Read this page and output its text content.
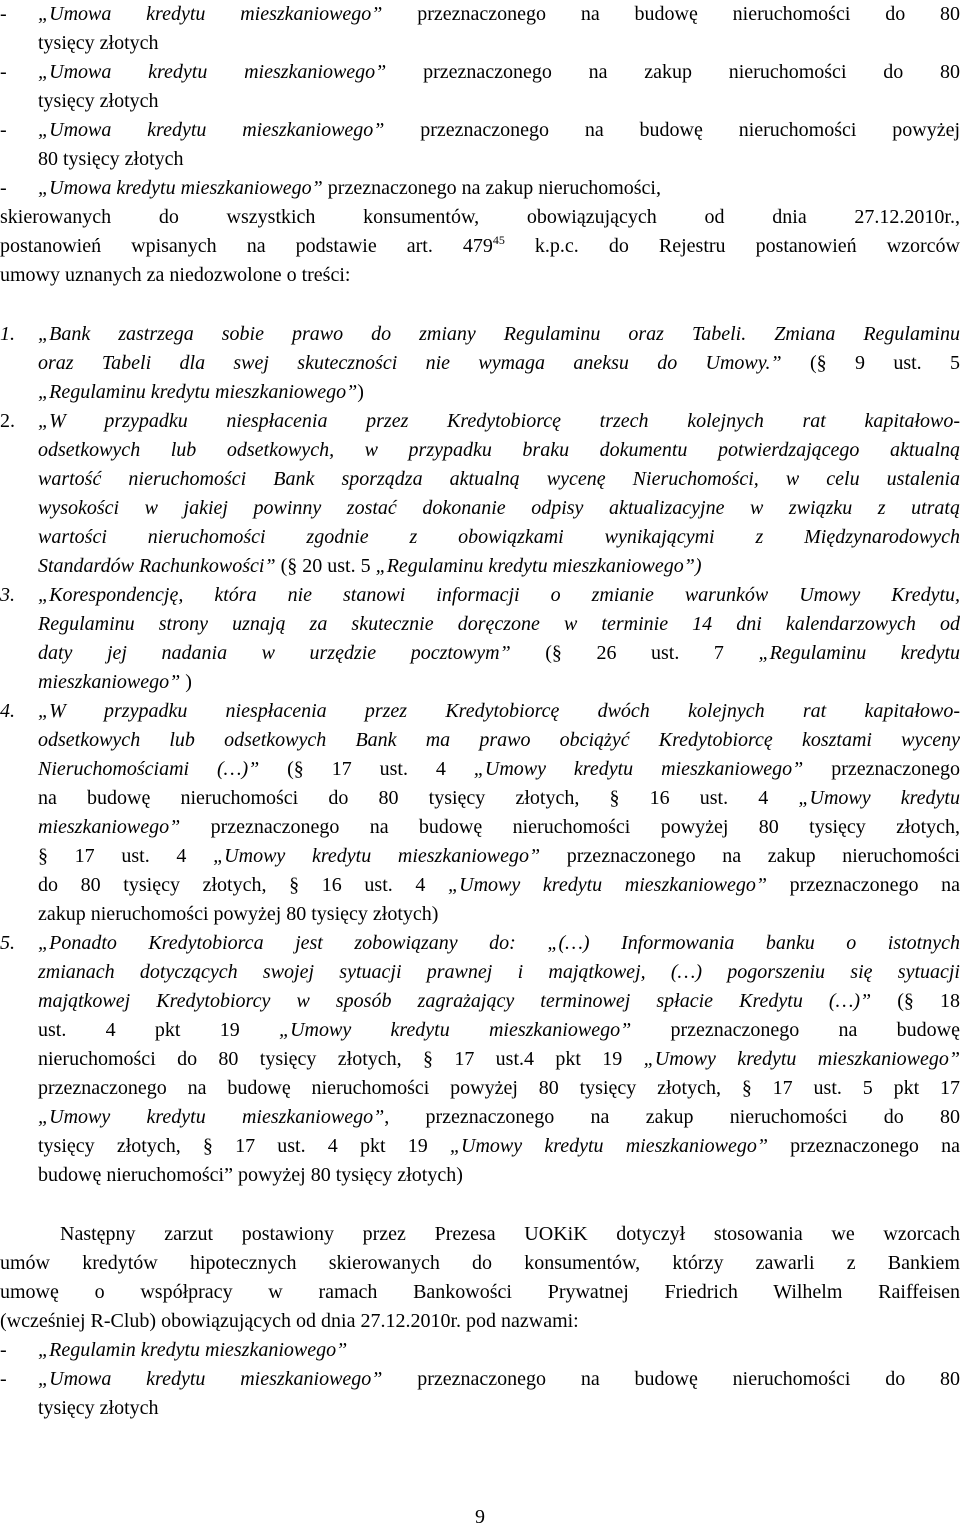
- „Umowa kredytu mieszkaniowego” przeznaczonego na budowę nieruchomości do 80
tysięcy złotych
- „Umowa kredytu mieszkaniowego” przeznaczonego na zakup nieruchomości do 80
tysięcy złotych
- „Umowa kredytu mieszkaniowego” przeznaczonego na budowę nieruchomości powyżej
80 tysięcy złotych
- „Umowa kredytu mieszkaniowego” przeznaczonego na zakup nieruchomości,
skierowanych do wszystkich konsumentów, obowiązujących od dnia 27.12.2010r.,
postanowień wpisanych na podstawie art. $479^{45}$ k.p.c. do Rejestru postanowień wzorców
umowy uznanych za niedozwolone o treści:
1. „Bank zastrzega sobie prawo do zmiany Regulaminu oraz Tabeli. Zmiana Regulaminu
oraz Tabeli dla swej skuteczności nie wymaga aneksu do Umowy.” (§ 9 ust. 5
„Regulaminu kredytu mieszkaniowego”)
2. „W przypadku niespłacenia przez Kredytobiorcę trzech kolejnych rat kapitałowo-
odsetkowych lub odsetkowych, w przypadku braku dokumentu potwierdzającego aktualną
wartość nieruchomości Bank sporządza aktualną wycenę Nieruchomości, w celu ustalenia
wysokości w jakiej powinny zostać dokonanie odpisy aktualizacyjne w związku z utratą
wartości nieruchomości zgodnie z obowiązkami wynikającymi z Międzynarodowych
Standardów Rachunkowości” (§ 20 ust. 5 „Regulaminu kredytu mieszkaniowego”)
3. „Korespondencję, która nie stanowi informacji o zmianie warunków Umowy Kredytu,
Regulaminu strony uznają za skutecznie doręczone w terminie 14 dni kalendarzowych od
daty jej nadania w urzędzie pocztowym” (§ 26 ust. 7 „Regulaminu kredytu
mieszkaniowego” )
4. „W przypadku niespłacenia przez Kredytobiorcę dwóch kolejnych rat kapitałowo-
odsetkowych lub odsetkowych Bank ma prawo obciążyć Kredytobiorcę kosztami wyceny
Nieruchomościami (…)” (§ 17 ust. 4 „Umowy kredytu mieszkaniowego” przeznaczonego
na budowę nieruchomości do 80 tysięcy złotych, § 16 ust. 4 „Umowy kredytu
mieszkaniowego” przeznaczonego na budowę nieruchomości powyżej 80 tysięcy złotych,
§ 17 ust. 4 „Umowy kredytu mieszkaniowego” przeznaczonego na zakup nieruchomości
do 80 tysięcy złotych, § 16 ust. 4 „Umowy kredytu mieszkaniowego” przeznaczonego na
zakup nieruchomości powyżej 80 tysięcy złotych)
5. „Ponadto Kredytobiorca jest zobowiązany do: „(…) Informowania banku o istotnych
zmianach dotyczących swojej sytuacji prawnej i majątkowej, (…) pogorszeniu się sytuacji
majątkowej Kredytobiorcy w sposób zagrażający terminowej spłacie Kredytu (…)” (§ 18
ust. 4 pkt 19 „Umowy kredytu mieszkaniowego” przeznaczonego na budowę
nieruchomości do 80 tysięcy złotych, § 17 ust.4 pkt 19 „Umowy kredytu mieszkaniowego”
przeznaczonego na budowę nieruchomości powyżej 80 tysięcy złotych, § 17 ust. 5 pkt 17
„Umowy kredytu mieszkaniowego”, przeznaczonego na zakup nieruchomości do 80
tysięcy złotych, § 17 ust. 4 pkt 19 „Umowy kredytu mieszkaniowego” przeznaczonego na
budowę nieruchomości” powyżej 80 tysięcy złotych)
Następny zarzut postawiony przez Prezesa UOKiK dotyczył stosowania we wzorcach
umów kredytów hipotecznych skierowanych do konsumentów, którzy zawarli z Bankiem
umowę o współpracy w ramach Bankowości Prywatnej Friedrich Wilhelm Raiffeisen
(wcześniej R-Club) obowiązujących od dnia 27.12.2010r. pod nazwami:
- „Regulamin kredytu mieszkaniowego”
- „Umowa kredytu mieszkaniowego” przeznaczonego na budowę nieruchomości do 80
tysięcy złotych
9
